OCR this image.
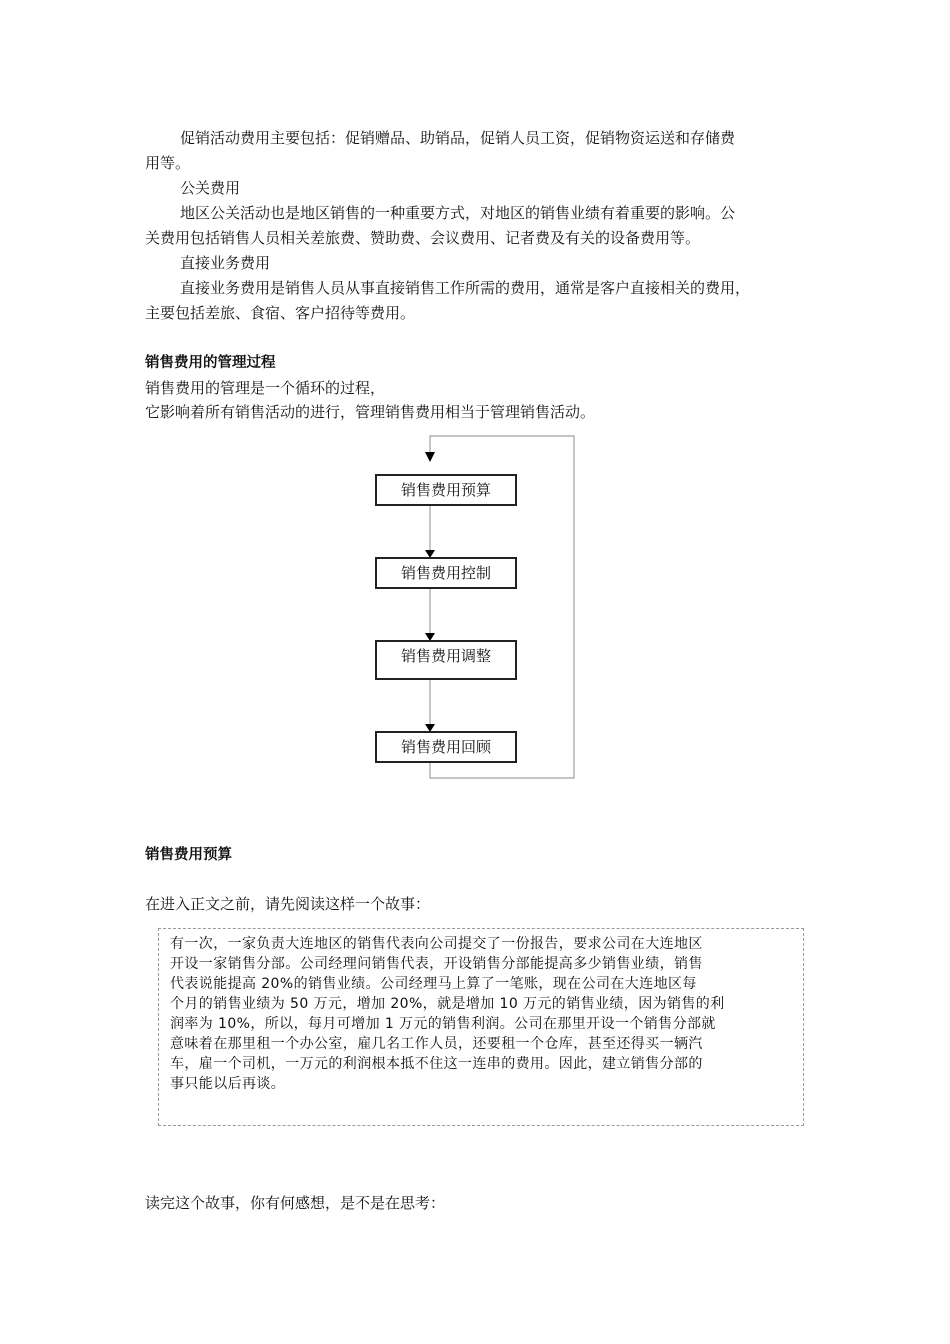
促销活动费用主要包括：促销赠品、助销品，促销人员工资，促销物资运送和存储费
用等。
公关费用
地区公关活动也是地区销售的一种重要方式，对地区的销售业绩有着重要的影响。公
关费用包括销售人员相关差旅费、赞助费、会议费用、记者费及有关的设备费用等。
直接业务费用
直接业务费用是销售人员从事直接销售工作所需的费用，通常是客户直接相关的费用，
主要包括差旅、食宿、客户招待等费用。
销售费用的管理过程
销售费用的管理是一个循环的过程，
它影响着所有销售活动的进行，管理销售费用相当于管理销售活动。
销售费用预算
销售费用控制
销售费用调整
销售费用回顾
销售费用预算
在进入正文之前，请先阅读这样一个故事：
有一次，一家负责大连地区的销售代表向公司提交了一份报告，要求公司在大连地区
开设一家销售分部。公司经理问销售代表，开设销售分部能提高多少销售业绩，销售
代表说能提高 20%的销售业绩。公司经理马上算了一笔账，现在公司在大连地区每
个月的销售业绩为 50 万元，增加 20%，就是增加 10 万元的销售业绩，因为销售的利
润率为 10%，所以，每月可增加 1 万元的销售利润。公司在那里开设一个销售分部就
意味着在那里租一个办公室，雇几名工作人员，还要租一个仓库，甚至还得买一辆汽
车，雇一个司机，一万元的利润根本抵不住这一连串的费用。因此，建立销售分部的
事只能以后再谈。
读完这个故事，你有何感想，是不是在思考：
